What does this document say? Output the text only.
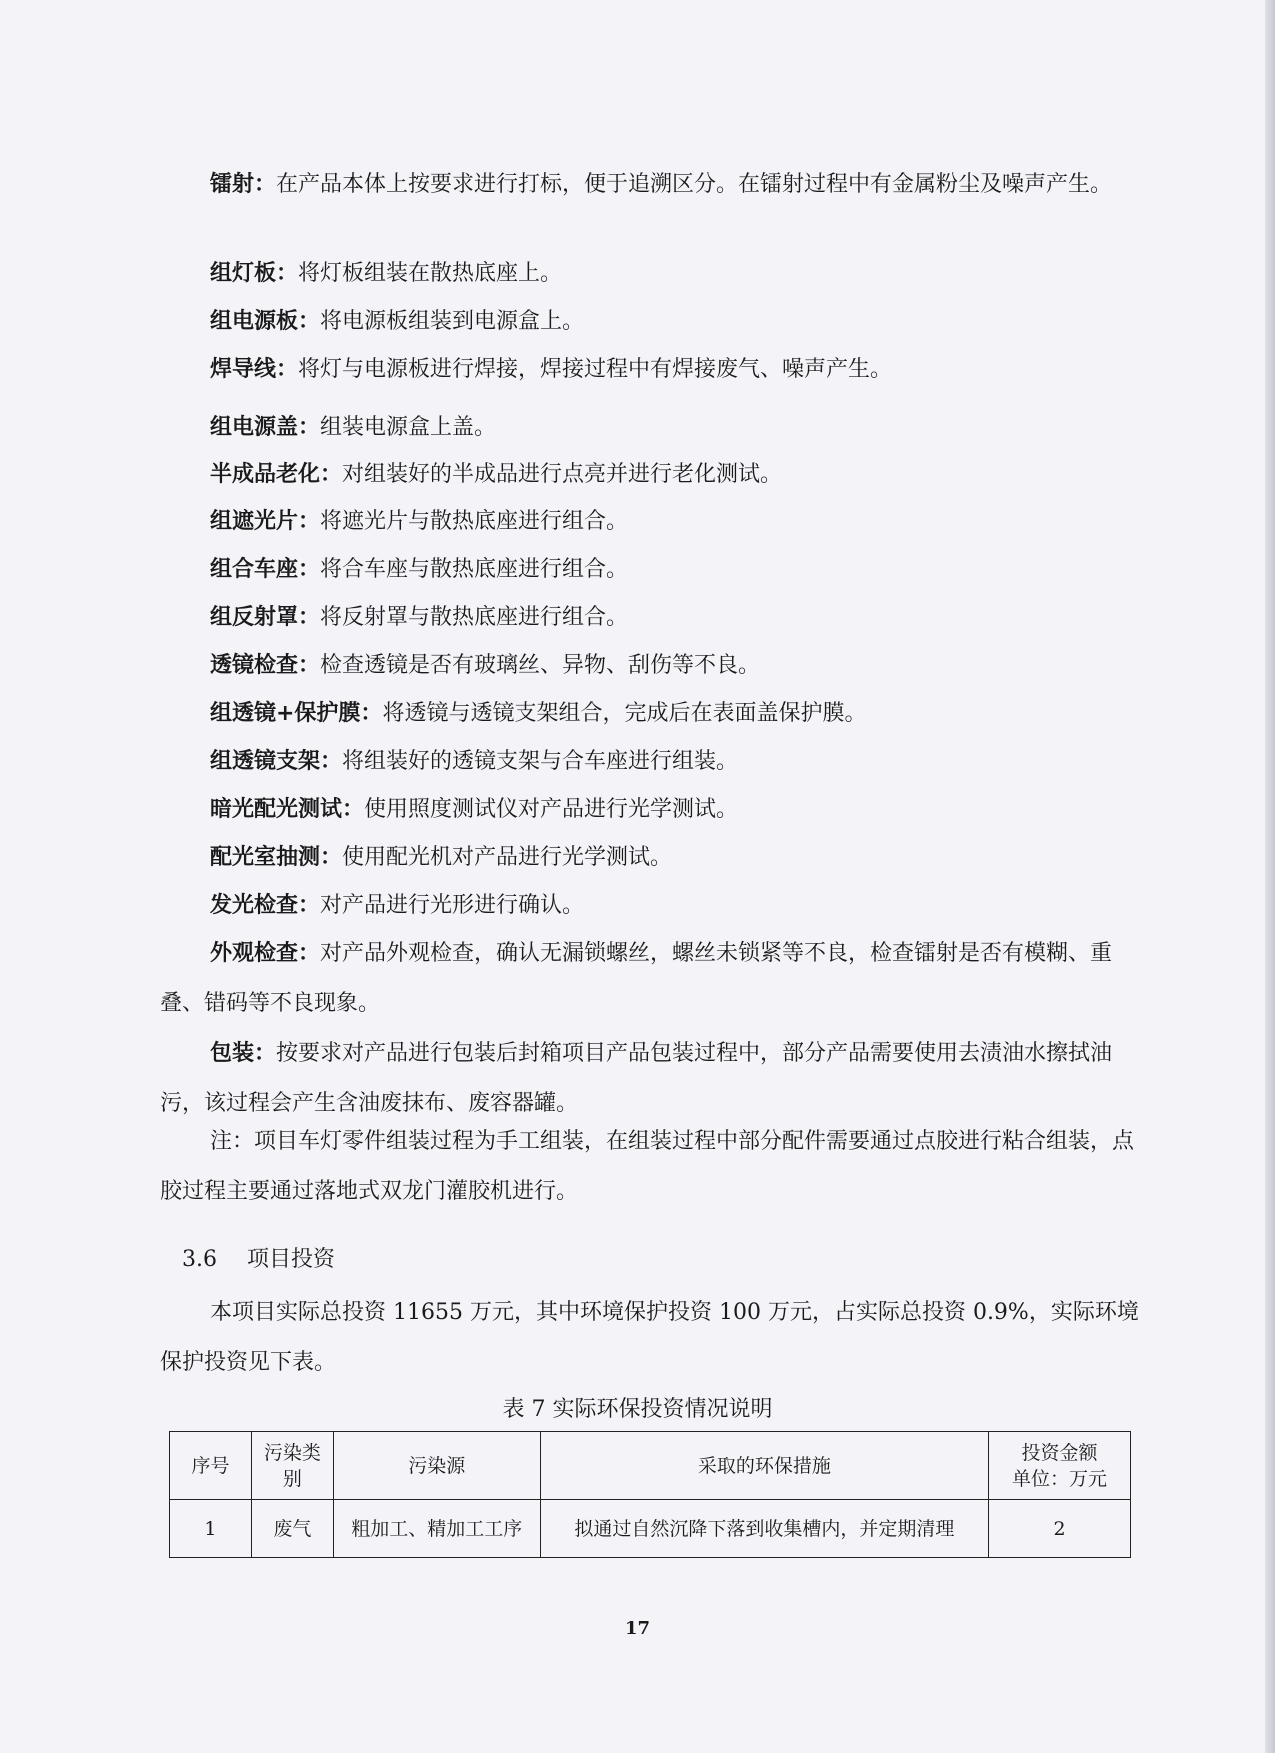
镭射：在产品本体上按要求进行打标，便于追溯区分。在镭射过程中有金属粉尘及噪声产生。
组灯板：将灯板组装在散热底座上。
组电源板：将电源板组装到电源盒上。
焊导线：将灯与电源板进行焊接，焊接过程中有焊接废气、噪声产生。
组电源盖：组装电源盒上盖。
半成品老化：对组装好的半成品进行点亮并进行老化测试。
组遮光片：将遮光片与散热底座进行组合。
组合车座：将合车座与散热底座进行组合。
组反射罩：将反射罩与散热底座进行组合。
透镜检查：检查透镜是否有玻璃丝、异物、刮伤等不良。
组透镜+保护膜：将透镜与透镜支架组合，完成后在表面盖保护膜。
组透镜支架：将组装好的透镜支架与合车座进行组装。
暗光配光测试：使用照度测试仪对产品进行光学测试。
配光室抽测：使用配光机对产品进行光学测试。
发光检查：对产品进行光形进行确认。
外观检查：对产品外观检查，确认无漏锁螺丝，螺丝未锁紧等不良，检查镭射是否有模糊、重叠、错码等不良现象。
包装：按要求对产品进行包装后封箱项目产品包装过程中，部分产品需要使用去渍油水擦拭油污，该过程会产生含油废抹布、废容器罐。
注：项目车灯零件组装过程为手工组装，在组装过程中部分配件需要通过点胶进行粘合组装，点胶过程主要通过落地式双龙门灌胶机进行。
3.6 项目投资
本项目实际总投资 11655 万元，其中环境保护投资 100 万元，占实际总投资 0.9%，实际环境保护投资见下表。
表 7 实际环保投资情况说明
序号	污染类别	污染源	采取的环保措施	投资金额
单位：万元
1	废气	粗加工、精加工工序	拟通过自然沉降下落到收集槽内，并定期清理	2
17
